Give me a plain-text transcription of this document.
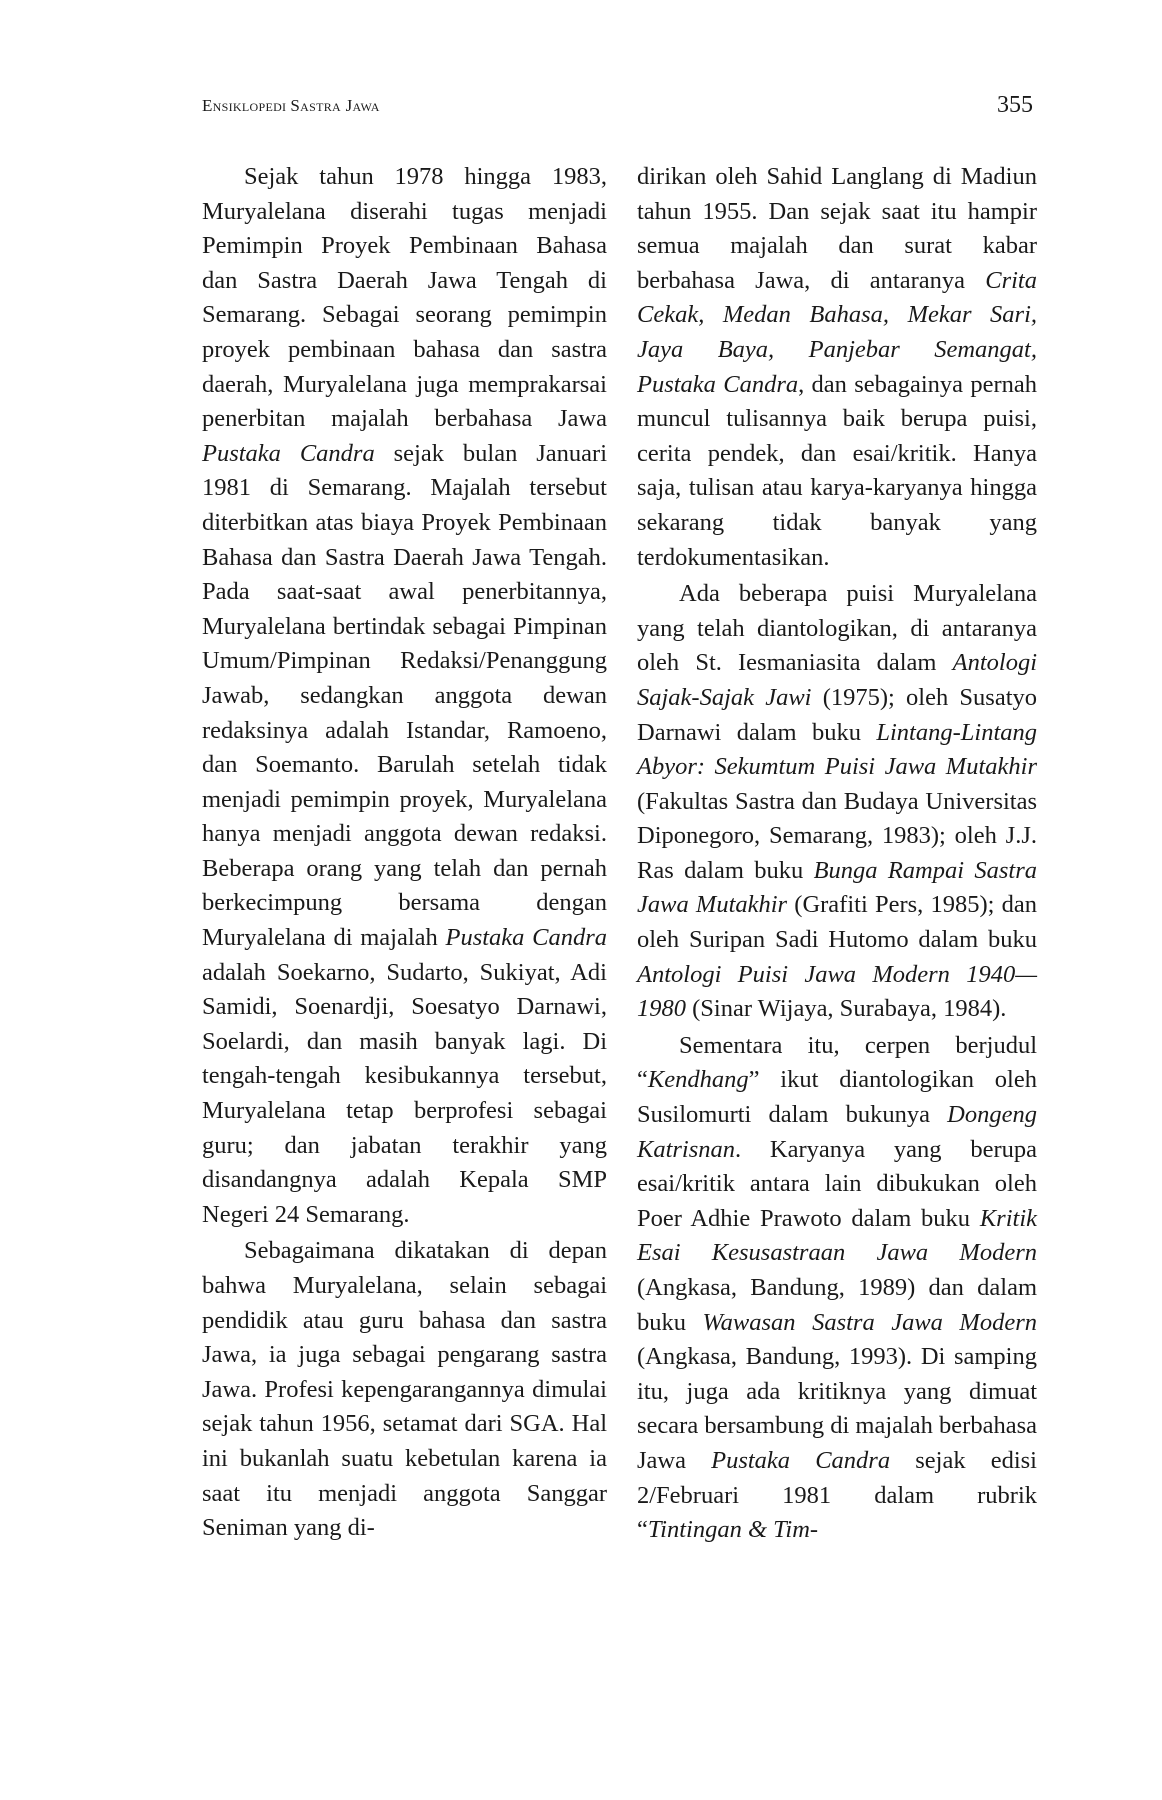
Ensiklopedi Sastra Jawa	355

Sejak tahun 1978 hingga 1983, Muryalelana diserahi tugas menjadi Pemimpin Proyek Pembinaan Bahasa dan Sastra Daerah Jawa Tengah di Semarang. Sebagai seorang pemimpin proyek pembinaan bahasa dan sastra daerah, Muryalelana juga memprakarsai penerbitan majalah berbahasa Jawa Pustaka Candra sejak bulan Januari 1981 di Semarang. Majalah tersebut diterbitkan atas biaya Proyek Pembinaan Bahasa dan Sastra Daerah Jawa Tengah. Pada saat-saat awal penerbitannya, Muryalelana bertindak sebagai Pimpinan Umum/Pimpinan Redaksi/Penanggung Jawab, sedangkan anggota dewan redaksinya adalah Istandar, Ramoeno, dan Soemanto. Barulah setelah tidak menjadi pemimpin proyek, Muryalelana hanya menjadi anggota dewan redaksi. Beberapa orang yang telah dan pernah berkecimpung bersama dengan Muryalelana di majalah Pustaka Candra adalah Soekarno, Sudarto, Sukiyat, Adi Samidi, Soenardji, Soesatyo Darnawi, Soelardi, dan masih banyak lagi. Di tengah-tengah kesibukannya tersebut, Muryalelana tetap berprofesi sebagai guru; dan jabatan terakhir yang disandangnya adalah Kepala SMP Negeri 24 Semarang.

Sebagaimana dikatakan di depan bahwa Muryalelana, selain sebagai pendidik atau guru bahasa dan sastra Jawa, ia juga sebagai pengarang sastra Jawa. Profesi kepengarangannya dimulai sejak tahun 1956, setamat dari SGA. Hal ini bukanlah suatu kebetulan karena ia saat itu menjadi anggota Sanggar Seniman yang di-

dirikan oleh Sahid Langlang di Madiun tahun 1955. Dan sejak saat itu hampir semua majalah dan surat kabar berbahasa Jawa, di antaranya Crita Cekak, Medan Bahasa, Mekar Sari, Jaya Baya, Panjebar Semangat, Pustaka Candra, dan sebagainya pernah muncul tulisannya baik berupa puisi, cerita pendek, dan esai/kritik. Hanya saja, tulisan atau karya-karyanya hingga sekarang tidak banyak yang terdokumentasikan.

Ada beberapa puisi Muryalelana yang telah diantologikan, di antaranya oleh St. Iesmaniasita dalam Antologi Sajak-Sajak Jawi (1975); oleh Susatyo Darnawi dalam buku Lintang-Lintang Abyor: Sekumtum Puisi Jawa Mutakhir (Fakultas Sastra dan Budaya Universitas Diponegoro, Semarang, 1983); oleh J.J. Ras dalam buku Bunga Rampai Sastra Jawa Mutakhir (Grafiti Pers, 1985); dan oleh Suripan Sadi Hutomo dalam buku Antologi Puisi Jawa Modern 1940—1980 (Sinar Wijaya, Surabaya, 1984).

Sementara itu, cerpen berjudul “Kendhang” ikut diantologikan oleh Susilomurti dalam bukunya Dongeng Katrisnan. Karyanya yang berupa esai/kritik antara lain dibukukan oleh Poer Adhie Prawoto dalam buku Kritik Esai Kesusastraan Jawa Modern (Angkasa, Bandung, 1989) dan dalam buku Wawasan Sastra Jawa Modern (Angkasa, Bandung, 1993). Di samping itu, juga ada kritiknya yang dimuat secara bersambung di majalah berbahasa Jawa Pustaka Candra sejak edisi 2/Februari 1981 dalam rubrik “Tintingan & Tim-
